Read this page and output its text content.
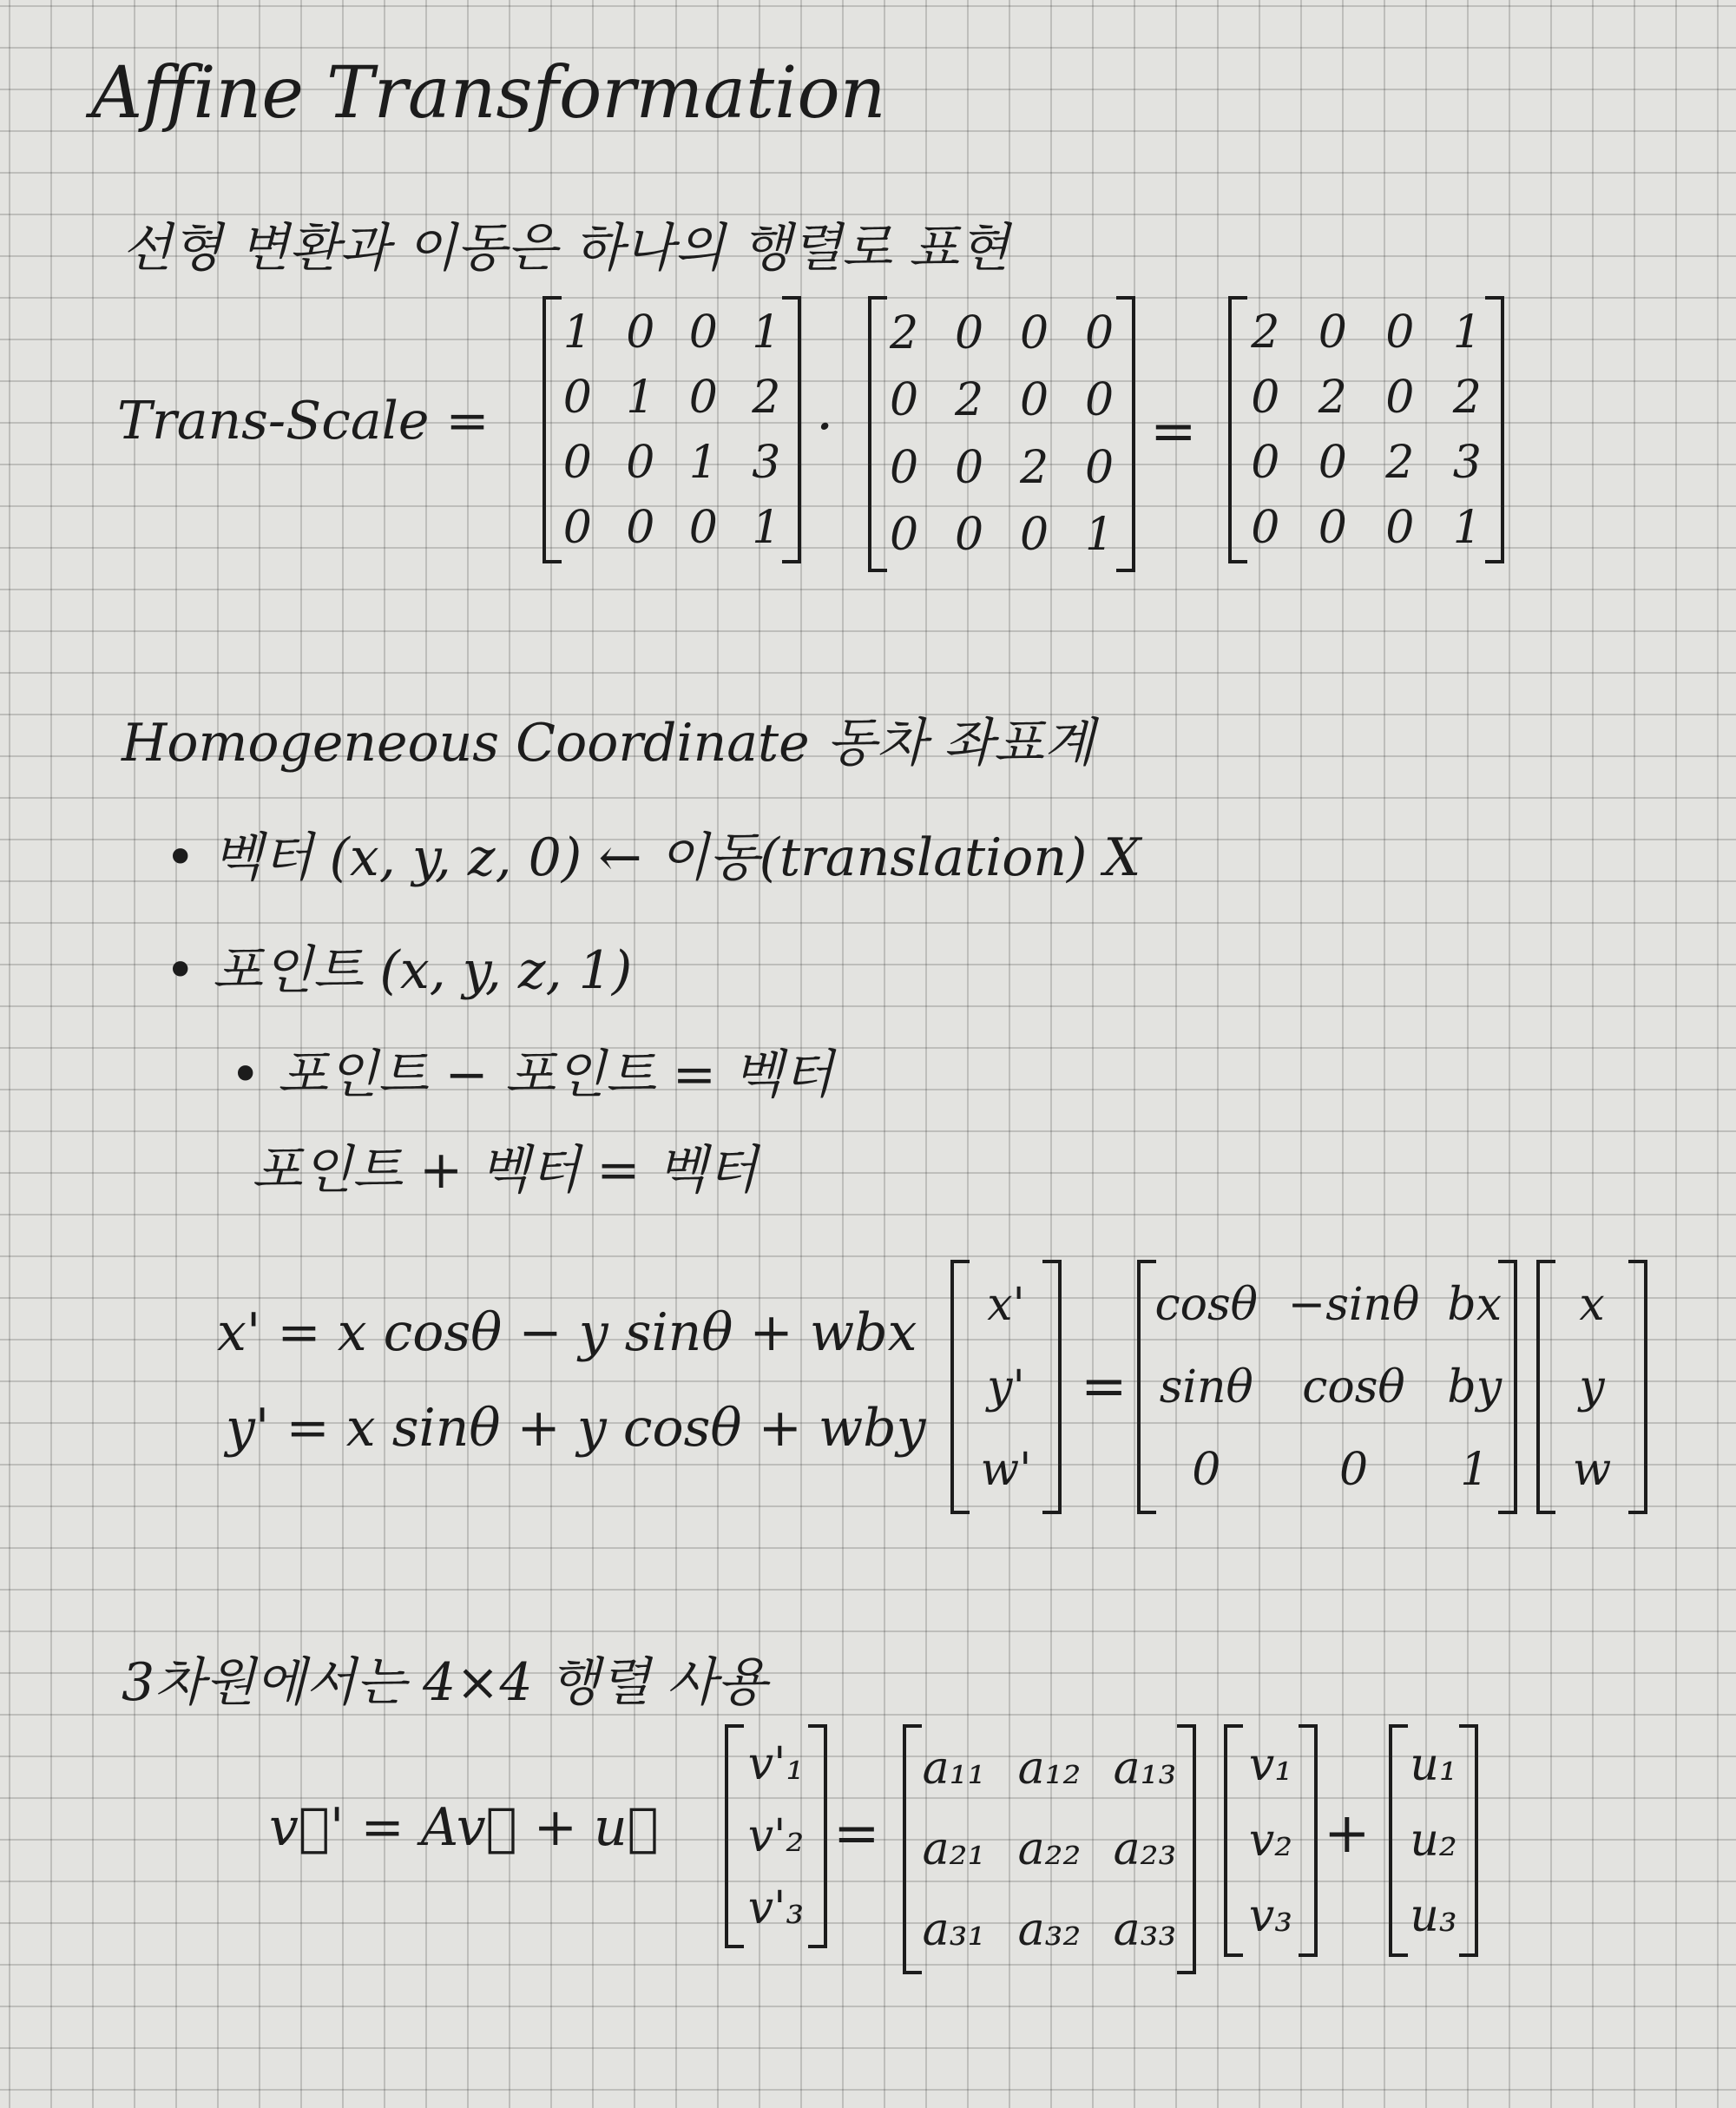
Affine Transformation
선형 변환과 이동은 하나의 행렬로 표현
Trans-Scale =
1	0	0	1
0	1	0	2
0	0	1	3
0	0	0	1
·
2	0	0	0
0	2	0	0
0	0	2	0
0	0	0	1
=
2	0	0	1
0	2	0	2
0	0	2	3
0	0	0	1
Homogeneous Coordinate 동차 좌표계
• 벡터 (x, y, z, 0) ← 이동(translation) X
• 포인트 (x, y, z, 1)
• 포인트 − 포인트 = 벡터
포인트 + 벡터 = 벡터
x' = x cosθ − y sinθ + wbx
y' = x sinθ + y cosθ + wby
x'
y'
w'
=
cosθ	−sinθ	bx
sinθ	cosθ	by
0	0	1
x
y
w
3차원에서는 4×4 행렬 사용
v⃗' = Av⃗ + u⃗
v'₁
v'₂
v'₃
=
a₁₁	a₁₂	a₁₃
a₂₁	a₂₂	a₂₃
a₃₁	a₃₂	a₃₃
v₁
v₂
v₃
+
u₁
u₂
u₃
